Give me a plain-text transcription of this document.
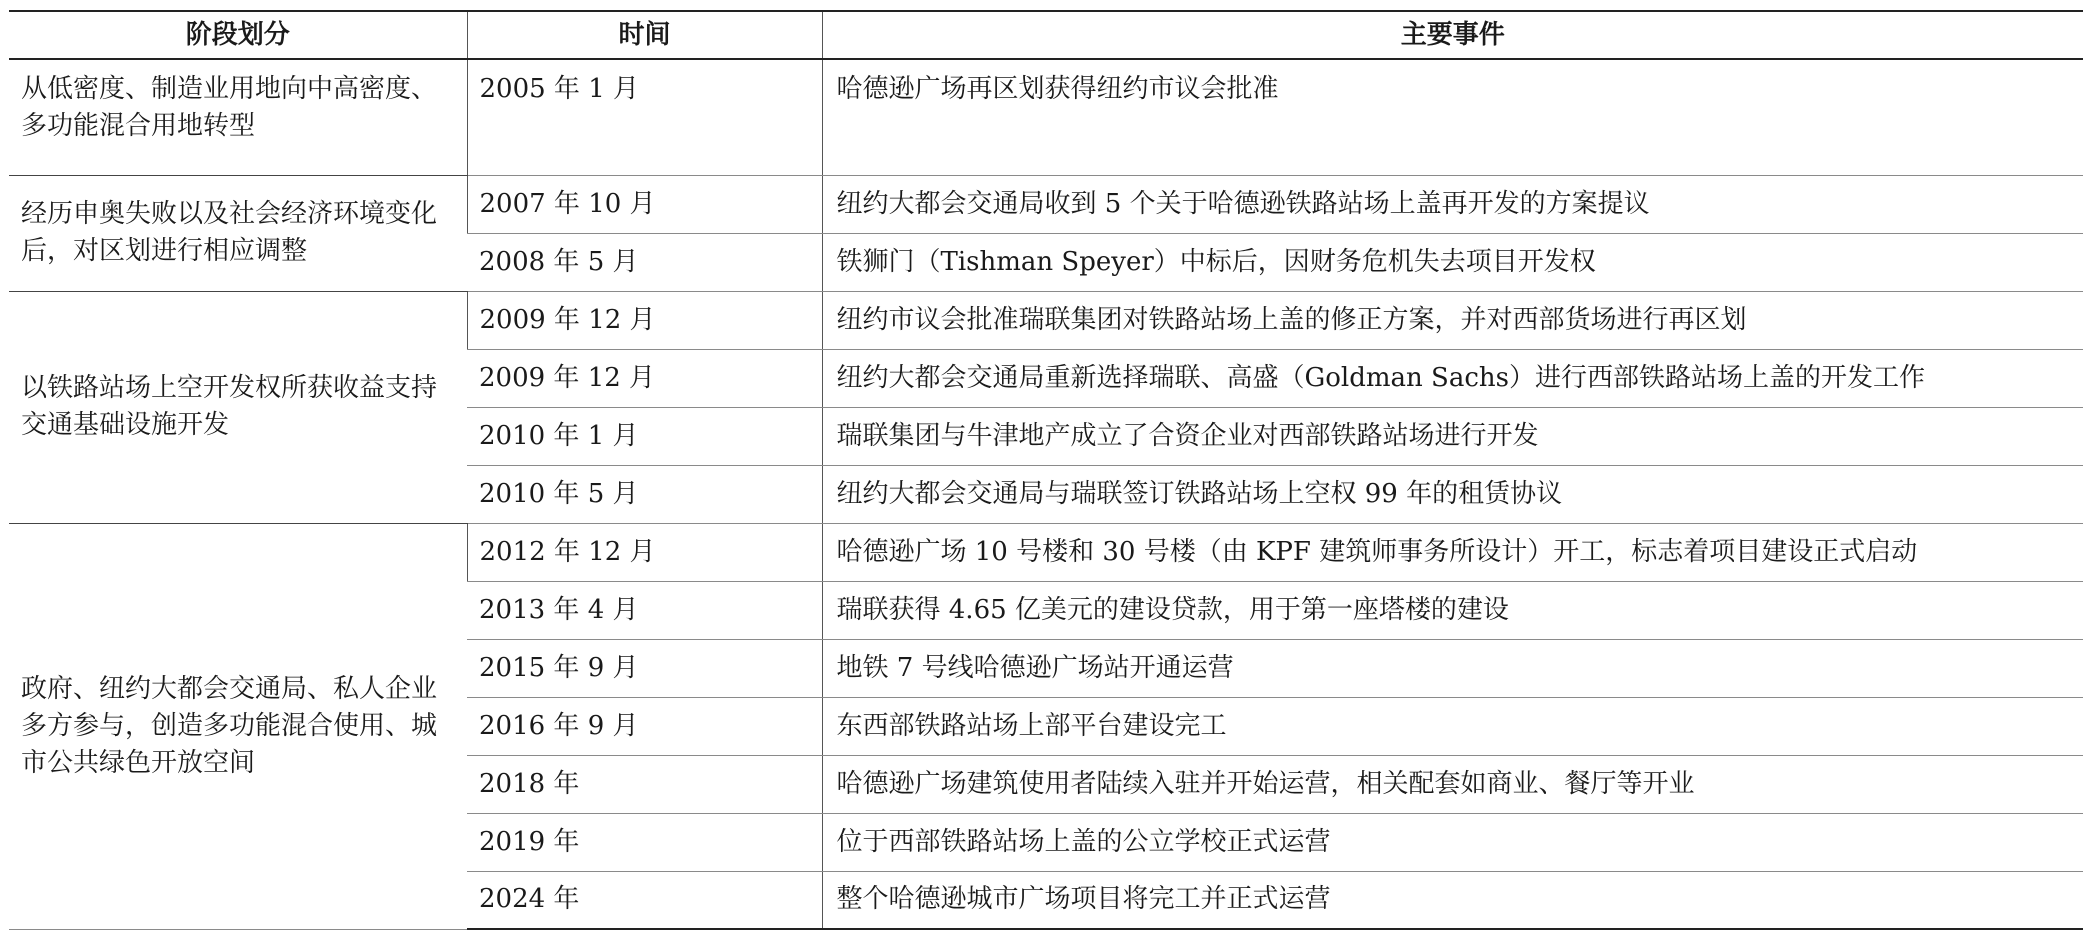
阶段划分	时间	主要事件
从低密度、制造业用地向中高密度、多功能混合用地转型	2005 年 1 月	哈德逊广场再区划获得纽约市议会批准
经历申奥失败以及社会经济环境变化后，对区划进行相应调整	2007 年 10 月	纽约大都会交通局收到 5 个关于哈德逊铁路站场上盖再开发的方案提议
	2008 年 5 月	铁狮门（Tishman Speyer）中标后，因财务危机失去项目开发权
以铁路站场上空开发权所获收益支持交通基础设施开发	2009 年 12 月	纽约市议会批准瑞联集团对铁路站场上盖的修正方案，并对西部货场进行再区划
	2009 年 12 月	纽约大都会交通局重新选择瑞联、高盛（Goldman Sachs）进行西部铁路站场上盖的开发工作
	2010 年 1 月	瑞联集团与牛津地产成立了合资企业对西部铁路站场进行开发
	2010 年 5 月	纽约大都会交通局与瑞联签订铁路站场上空权 99 年的租赁协议
政府、纽约大都会交通局、私人企业多方参与，创造多功能混合使用、城市公共绿色开放空间	2012 年 12 月	哈德逊广场 10 号楼和 30 号楼（由 KPF 建筑师事务所设计）开工，标志着项目建设正式启动
	2013 年 4 月	瑞联获得 4.65 亿美元的建设贷款，用于第一座塔楼的建设
	2015 年 9 月	地铁 7 号线哈德逊广场站开通运营
	2016 年 9 月	东西部铁路站场上部平台建设完工
	2018 年	哈德逊广场建筑使用者陆续入驻并开始运营，相关配套如商业、餐厅等开业
	2019 年	位于西部铁路站场上盖的公立学校正式运营
	2024 年	整个哈德逊城市广场项目将完工并正式运营
